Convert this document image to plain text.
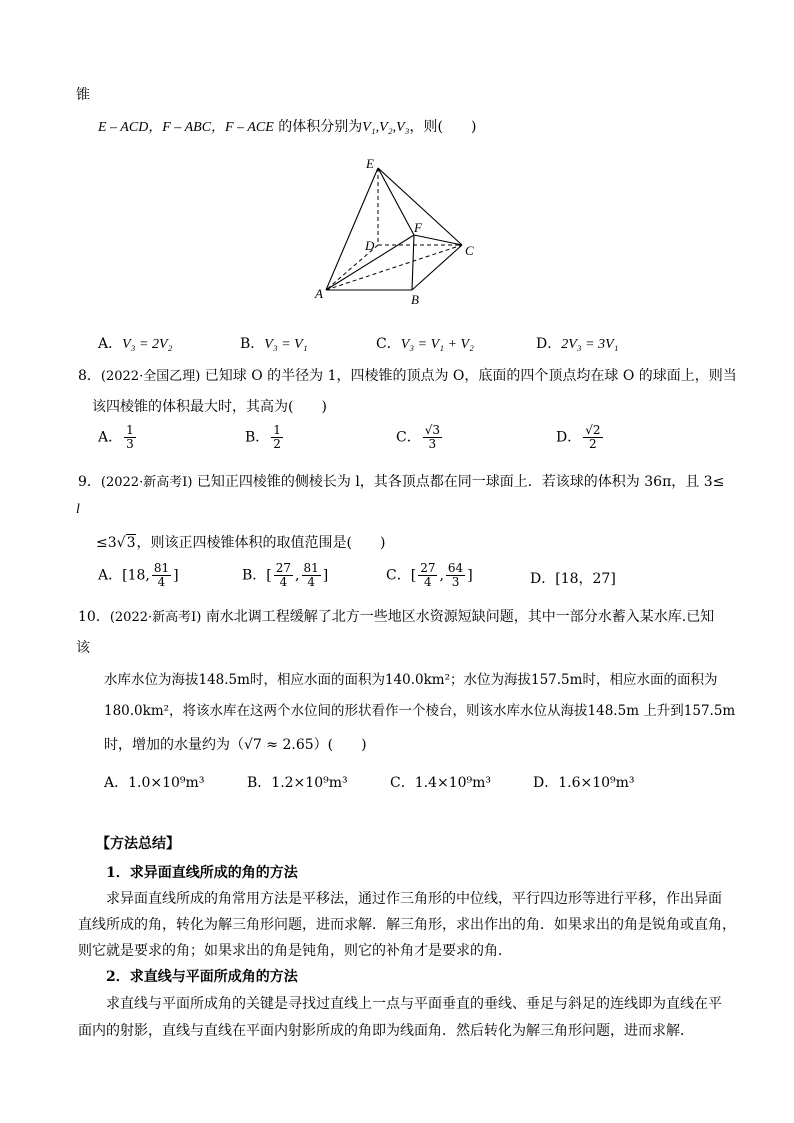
锥
E – ACD，F – ABC，F – ACE 的体积分别为V₁,V₂,V₃，则(　　)
E
D
F
C
A	B
A．V₃ = 2V₂	B．V₃ = V₁	C．V₃ = V₁ + V₂	D．2V₃ = 3V₁
8．(2022·全国乙理) 已知球 O 的半径为 1，四棱锥的顶点为 O，底面的四个顶点均在球 O 的球面上，则当
该四棱锥的体积最大时，其高为(　　)
A． $\frac{1}{3}$	B． $\frac{1}{2}$	C． $\frac{√3}{3}$	D． $\frac{√2}{2}$
9．(2022·新高考Ⅰ) 已知正四棱锥的侧棱长为 l，其各顶点都在同一球面上．若该球的体积为 36π，且 3≤
l
≤3√3，则该正四棱锥体积的取值范围是(　　)
A．[18, $\frac{81}{4}$ ]	B．[ $\frac{27}{4}$ , $\frac{81}{4}$ ]	C．[ $\frac{27}{4}$ , $\frac{64}{3}$ ]	D．[18，27]
10．(2022·新高考Ⅰ) 南水北调工程缓解了北方一些地区水资源短缺问题，其中一部分水蓄入某水库.已知
该
水库水位为海拔148.5m时，相应水面的面积为140.0km²；水位为海拔157.5m时，相应水面的面积为
180.0km²，将该水库在这两个水位间的形状看作一个棱台，则该水库水位从海拔148.5m 上升到157.5m
时，增加的水量约为（√7 ≈ 2.65）(　　)
A．1.0×10⁹m³	B．1.2×10⁹m³	C．1.4×10⁹m³	D．1.6×10⁹m³
【方法总结】
1．求异面直线所成的角的方法
求异面直线所成的角常用方法是平移法，通过作三角形的中位线，平行四边形等进行平移，作出异面
直线所成的角，转化为解三角形问题，进而求解．解三角形，求出作出的角．如果求出的角是锐角或直角，
则它就是要求的角；如果求出的角是钝角，则它的补角才是要求的角．
2．求直线与平面所成角的方法
求直线与平面所成角的关键是寻找过直线上一点与平面垂直的垂线、垂足与斜足的连线即为直线在平
面内的射影，直线与直线在平面内射影所成的角即为线面角．然后转化为解三角形问题，进而求解．
